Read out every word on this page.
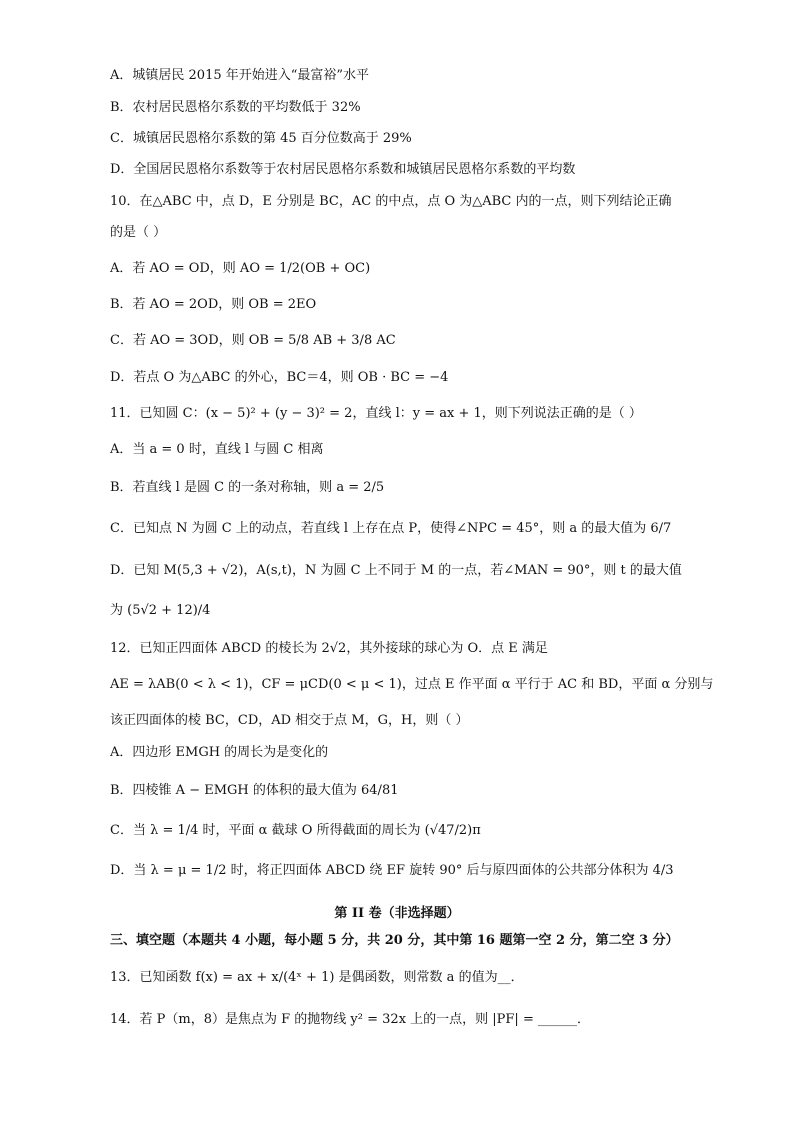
A．城镇居民 2015 年开始进入“最富裕”水平
B．农村居民恩格尔系数的平均数低于 32%
C．城镇居民恩格尔系数的第 45 百分位数高于 29%
D．全国居民恩格尔系数等于农村居民恩格尔系数和城镇居民恩格尔系数的平均数
10．在△ABC 中，点 D，E 分别是 BC，AC 的中点，点 O 为△ABC 内的一点，则下列结论正确
的是（ ）
A．若 AO = OD，则 AO = 1/2(OB + OC)
B．若 AO = 2OD，则 OB = 2EO
C．若 AO = 3OD，则 OB = 5/8 AB + 3/8 AC
D．若点 O 为△ABC 的外心，BC＝4，则 OB · BC = −4
11．已知圆 C：(x − 5)² + (y − 3)² = 2，直线 l：y = ax + 1，则下列说法正确的是（ ）
A．当 a = 0 时，直线 l 与圆 C 相离
B．若直线 l 是圆 C 的一条对称轴，则 a = 2/5
C．已知点 N 为圆 C 上的动点，若直线 l 上存在点 P，使得∠NPC = 45°，则 a 的最大值为 6/7
D．已知 M(5,3 + √2)，A(s,t)，N 为圆 C 上不同于 M 的一点，若∠MAN = 90°，则 t 的最大值
为 (5√2 + 12)/4
12．已知正四面体 ABCD 的棱长为 2√2，其外接球的球心为 O．点 E 满足
AE = λAB(0 < λ < 1)，CF = μCD(0 < μ < 1)，过点 E 作平面 α 平行于 AC 和 BD，平面 α 分别与
该正四面体的棱 BC，CD，AD 相交于点 M，G，H，则（ ）
A．四边形 EMGH 的周长为是变化的
B．四棱锥 A − EMGH 的体积的最大值为 64/81
C．当 λ = 1/4 时，平面 α 截球 O 所得截面的周长为 (√47/2)π
D．当 λ = μ = 1/2 时，将正四面体 ABCD 绕 EF 旋转 90° 后与原四面体的公共部分体积为 4/3
第 II 卷（非选择题）
三、填空题（本题共 4 小题，每小题 5 分，共 20 分，其中第 16 题第一空 2 分，第二空 3 分）
13．已知函数 f(x) = ax + x/(4ˣ + 1) 是偶函数，则常数 a 的值为__．
14．若 P（m，8）是焦点为 F 的抛物线 y² = 32x 上的一点，则 |PF| = ______．
